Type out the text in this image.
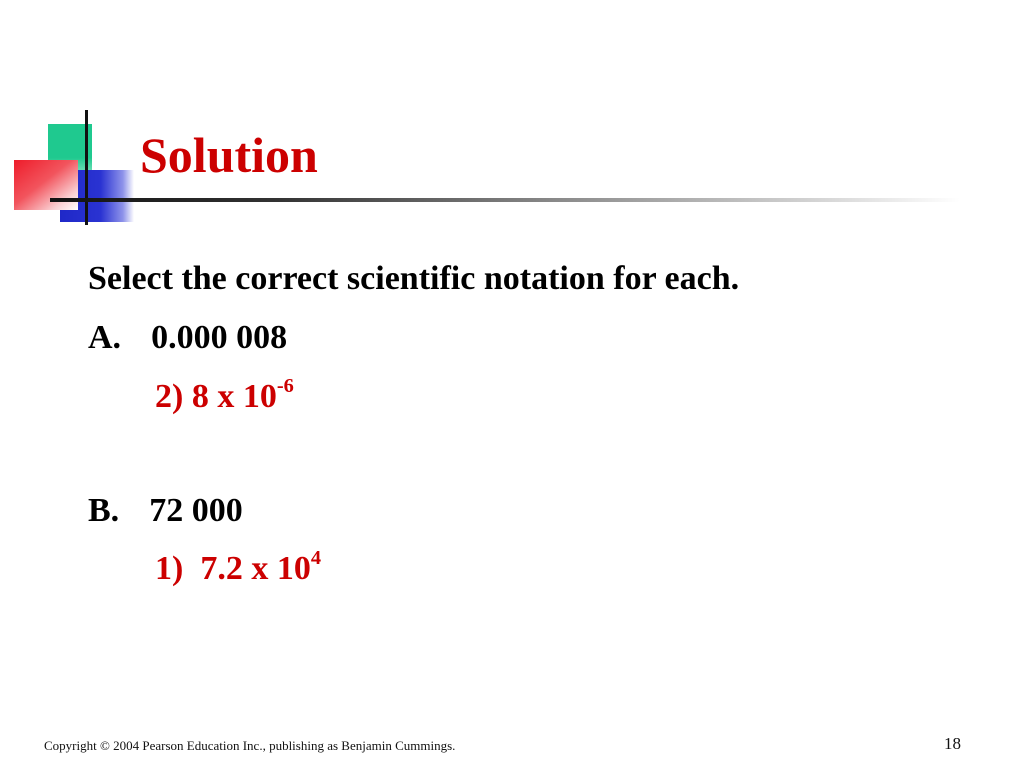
Solution
Select the correct scientific notation for each.
A. 0.000 008
2) 8 x $10^{-6}$
B. 72 000
1)  7.2 x $10^4$
Copyright © 2004 Pearson Education Inc., publishing as Benjamin Cummings.	18
